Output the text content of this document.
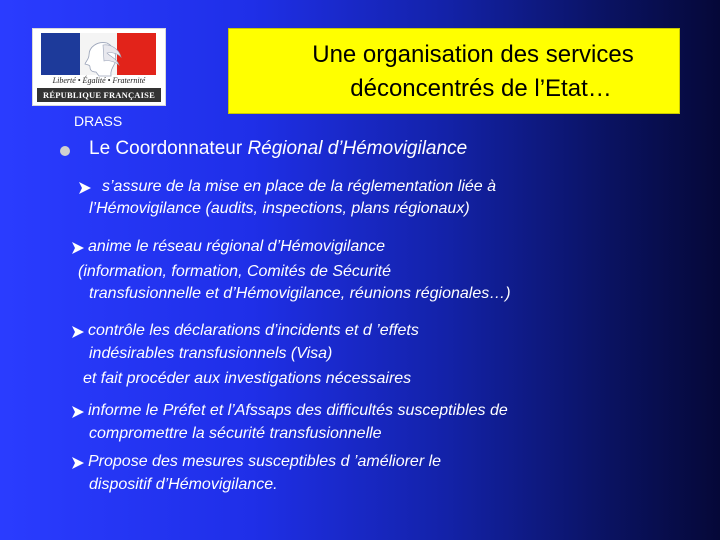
Liberté • Égalité • Fraternité
RÉPUBLIQUE FRANÇAISE
Une organisation des services
déconcentrés de l’Etat…
DRASS
Le Coordonnateur Régional d’Hémovigilance
s’assure de la mise en place de la réglementation liée à
l’Hémovigilance (audits, inspections, plans régionaux)
anime le réseau régional d’Hémovigilance
(information, formation, Comités de Sécurité
transfusionnelle et d’Hémovigilance, réunions régionales…)
contrôle les déclarations d’incidents et d ’effets
indésirables transfusionnels (Visa)
et fait procéder aux investigations nécessaires
informe le Préfet et l’Afssaps des difficultés susceptibles de
compromettre la sécurité transfusionnelle
Propose des mesures susceptibles d ’améliorer le
dispositif d’Hémovigilance.
